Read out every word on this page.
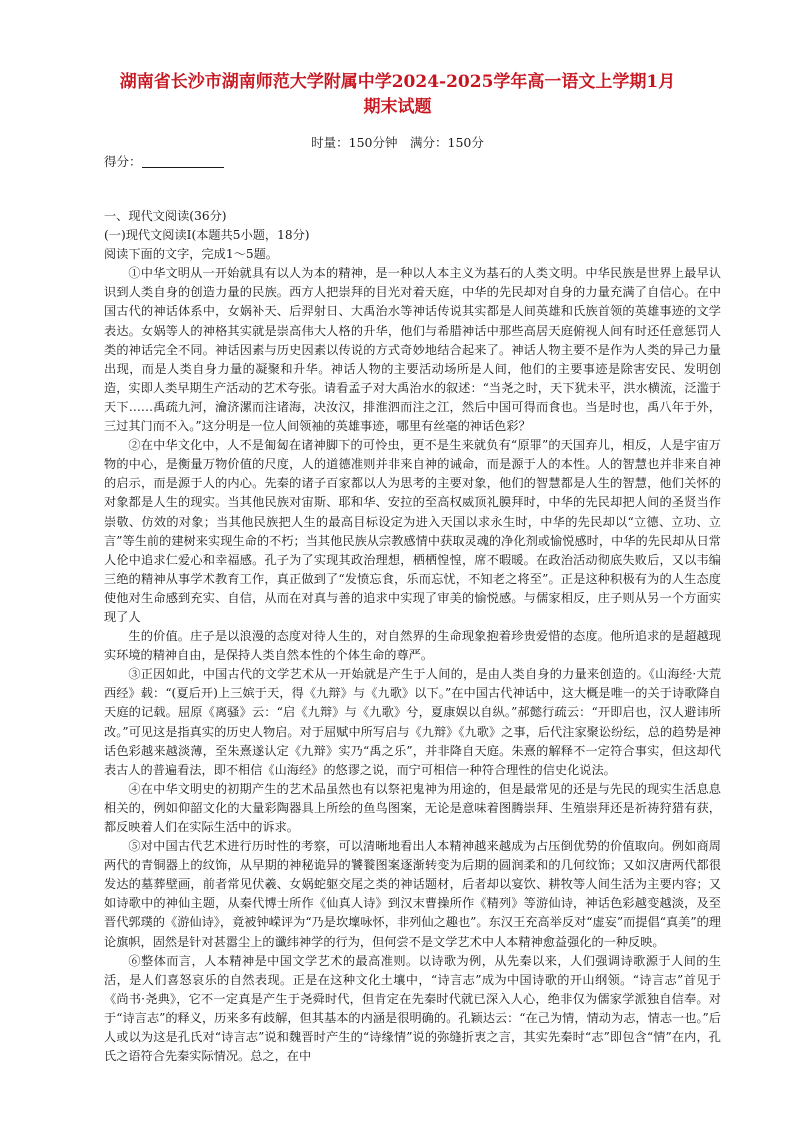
湖南省长沙市湖南师范大学附属中学2024-2025学年高一语文上学期1月
期末试题
时量：150分钟　满分：150分
得分：

一、现代文阅读(36分)

(一)现代文阅读Ⅰ(本题共5小题，18分)

阅读下面的文字，完成1～5题。

①中华文明从一开始就具有以人为本的精神，是一种以人本主义为基石的人类文明。中华民族是世界上最早认识到人类自身的创造力量的民族。西方人把崇拜的目光对着天庭，中华的先民却对自身的力量充满了自信心。在中国古代的神话体系中，女娲补天、后羿射日、大禹治水等神话传说其实都是人间英雄和氏族首领的英雄事迹的文学表达。女娲等人的神格其实就是崇高伟大人格的升华，他们与希腊神话中那些高居天庭俯视人间有时还任意惩罚人类的神话完全不同。神话因素与历史因素以传说的方式奇妙地结合起来了。神话人物主要不是作为人类的异己力量出现，而是人类自身力量的凝聚和升华。神话人物的主要活动场所是人间，他们的主要事迹是除害安民、发明创造，实即人类早期生产活动的艺术夸张。请看孟子对大禹治水的叙述：“当尧之时，天下犹未平，洪水横流，泛滥于天下……禹疏九河，瀹济漯而注诸海，决汝汉，排淮泗而注之江，然后中国可得而食也。当是时也，禹八年于外，三过其门而不入。”这分明是一位人间领袖的英雄事迹，哪里有丝毫的神话色彩？

②在中华文化中，人不是匍匐在诸神脚下的可怜虫，更不是生来就负有“原罪”的天国弃儿，相反，人是宇宙万物的中心，是衡量万物价值的尺度，人的道德准则并非来自神的诫命，而是源于人的本性。人的智慧也并非来自神的启示，而是源于人的内心。先秦的诸子百家都以人为思考的主要对象，他们的智慧都是人生的智慧，他们关怀的对象都是人生的现实。当其他民族对宙斯、耶和华、安拉的至高权威顶礼膜拜时，中华的先民却把人间的圣贤当作崇敬、仿效的对象；当其他民族把人生的最高目标设定为进入天国以求永生时，中华的先民却以“立德、立功、立言”等生前的建树来实现生命的不朽；当其他民族从宗教感情中获取灵魂的净化剂或愉悦感时，中华的先民却从日常人伦中追求仁爱心和幸福感。孔子为了实现其政治理想，栖栖惶惶，席不暇暖。在政治活动彻底失败后，又以韦编三绝的精神从事学术教育工作，真正做到了“发愤忘食，乐而忘忧，不知老之将至”。正是这种积极有为的人生态度使他对生命感到充实、自信，从而在对真与善的追求中实现了审美的愉悦感。与儒家相反，庄子则从另一个方面实现了人

生的价值。庄子是以浪漫的态度对待人生的，对自然界的生命现象抱着珍贵爱惜的态度。他所追求的是超越现实环境的精神自由，是保持人类自然本性的个体生命的尊严。

③正因如此，中国古代的文学艺术从一开始就是产生于人间的，是由人类自身的力量来创造的。《山海经·大荒西经》载：“(夏后开)上三嫔于天，得《九辩》与《九歌》以下。”在中国古代神话中，这大概是唯一的关于诗歌降自天庭的记载。屈原《离骚》云：“启《九辩》与《九歌》兮，夏康娱以自纵。”郝懿行疏云：“开即启也，汉人避讳所改。”可见这是指真实的历史人物启。对于屈赋中所写启与《九辩》《九歌》之事，后代注家聚讼纷纭，总的趋势是神话色彩越来越淡薄，至朱熹遂认定《九辩》实乃“禹之乐”，并非降自天庭。朱熹的解释不一定符合事实，但这却代表古人的普遍看法，即不相信《山海经》的悠谬之说，而宁可相信一种符合理性的信史化说法。

④在中华文明史的初期产生的艺术品虽然也有以祭祀鬼神为用途的，但是最常见的还是与先民的现实生活息息相关的，例如仰韶文化的大量彩陶器具上所绘的鱼鸟图案，无论是意味着图腾崇拜、生殖崇拜还是祈祷狩猎有获，都反映着人们在实际生活中的诉求。

⑤对中国古代艺术进行历时性的考察，可以清晰地看出人本精神越来越成为占压倒优势的价值取向。例如商周两代的青铜器上的纹饰，从早期的神秘诡异的饕餮图案逐渐转变为后期的圆润柔和的几何纹饰；又如汉唐两代都很发达的墓葬壁画，前者常见伏羲、女娲蛇躯交尾之类的神话题材，后者却以宴饮、耕牧等人间生活为主要内容；又如诗歌中的神仙主题，从秦代博士所作《仙真人诗》到汉末曹操所作《精列》等游仙诗，神话色彩越变越淡，及至晋代郭璞的《游仙诗》，竟被钟嵘评为“乃是坎壈咏怀，非列仙之趣也”。东汉王充高举反对“虚妄”而提倡“真美”的理论旗帜，固然是针对甚嚣尘上的谶纬神学的行为，但何尝不是文学艺术中人本精神愈益强化的一种反映。

⑥整体而言，人本精神是中国文学艺术的最高准则。以诗歌为例，从先秦以来，人们强调诗歌源于人间的生活，是人们喜怒哀乐的自然表现。正是在这种文化土壤中，“诗言志”成为中国诗歌的开山纲领。“诗言志”首见于《尚书·尧典》，它不一定真是产生于尧舜时代，但肯定在先秦时代就已深入人心，绝非仅为儒家学派独自信奉。对于“诗言志”的释义，历来多有歧解，但其基本的内涵是很明确的。孔颖达云：“在己为情，情动为志，情志一也。”后人或以为这是孔氏对“诗言志”说和魏晋时产生的“诗缘情”说的弥缝折衷之言，其实先秦时“志”即包含“情”在内，孔氏之语符合先秦实际情况。总之，在中
